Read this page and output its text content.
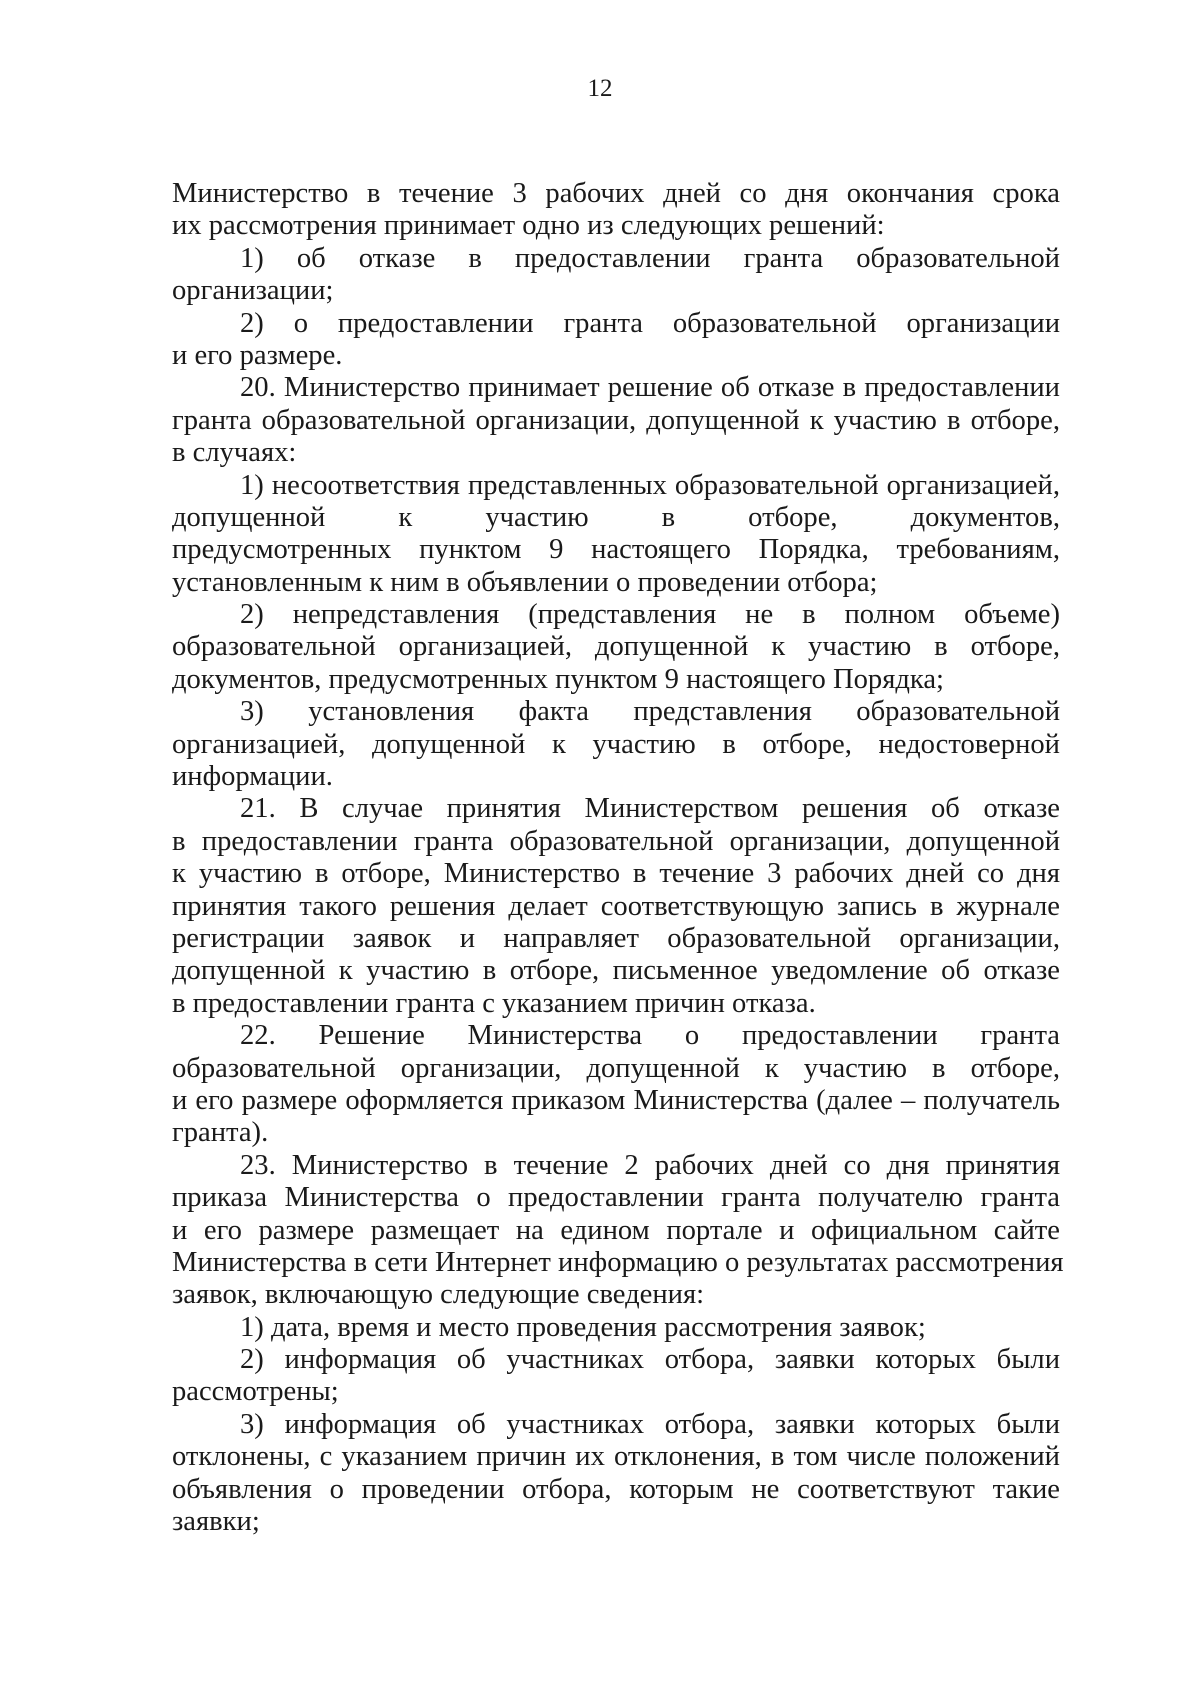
12
Министерство в течение 3 рабочих дней со дня окончания срока
их рассмотрения принимает одно из следующих решений:
1) об отказе в предоставлении гранта образовательной
организации;
2) о предоставлении гранта образовательной организации
и его размере.
20. Министерство принимает решение об отказе в предоставлении
гранта образовательной организации, допущенной к участию в отборе,
в случаях:
1) несоответствия представленных образовательной организацией,
допущенной к участию в отборе, документов,
предусмотренных пунктом 9 настоящего Порядка, требованиям,
установленным к ним в объявлении о проведении отбора;
2) непредставления (представления не в полном объеме)
образовательной организацией, допущенной к участию в отборе,
документов, предусмотренных пунктом 9 настоящего Порядка;
3) установления факта представления образовательной
организацией, допущенной к участию в отборе, недостоверной
информации.
21. В случае принятия Министерством решения об отказе
в предоставлении гранта образовательной организации, допущенной
к участию в отборе, Министерство в течение 3 рабочих дней со дня
принятия такого решения делает соответствующую запись в журнале
регистрации заявок и направляет образовательной организации,
допущенной к участию в отборе, письменное уведомление об отказе
в предоставлении гранта с указанием причин отказа.
22. Решение Министерства о предоставлении гранта
образовательной организации, допущенной к участию в отборе,
и его размере оформляется приказом Министерства (далее – получатель
гранта).
23. Министерство в течение 2 рабочих дней со дня принятия
приказа Министерства о предоставлении гранта получателю гранта
и его размере размещает на едином портале и официальном сайте
Министерства в сети Интернет информацию о результатах рассмотрения
заявок, включающую следующие сведения:
1) дата, время и место проведения рассмотрения заявок;
2) информация об участниках отбора, заявки которых были
рассмотрены;
3) информация об участниках отбора, заявки которых были
отклонены, с указанием причин их отклонения, в том числе положений
объявления о проведении отбора, которым не соответствуют такие
заявки;
